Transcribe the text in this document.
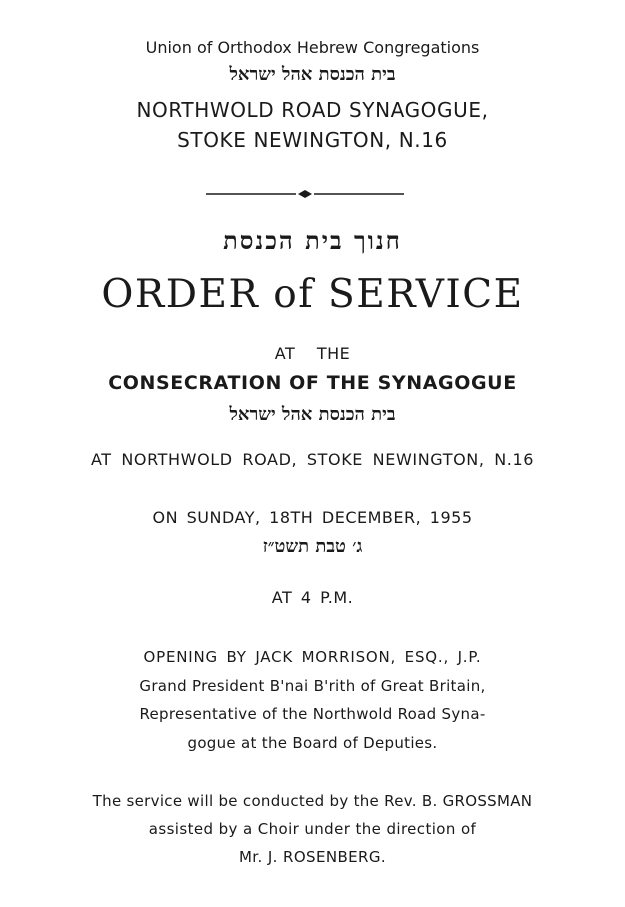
Union of Orthodox Hebrew Congregations
בית הכנסת אהל ישראל
NORTHWOLD ROAD SYNAGOGUE,
STOKE NEWINGTON, N.16
חנוך בית הכנסת
ORDER of SERVICE
AT THE
CONSECRATION OF THE SYNAGOGUE
בית הכנסת אהל ישראל
AT NORTHWOLD ROAD, STOKE NEWINGTON, N.16
ON SUNDAY, 18TH DECEMBER, 1955
ג׳ טבת תשט״ז
AT 4 P.M.
OPENING BY JACK MORRISON, ESQ., J.P.
Grand President B'nai B'rith of Great Britain,
Representative of the Northwold Road Syna-
gogue at the Board of Deputies.
The service will be conducted by the Rev. B. GROSSMAN
assisted by a Choir under the direction of
Mr. J. ROSENBERG.
